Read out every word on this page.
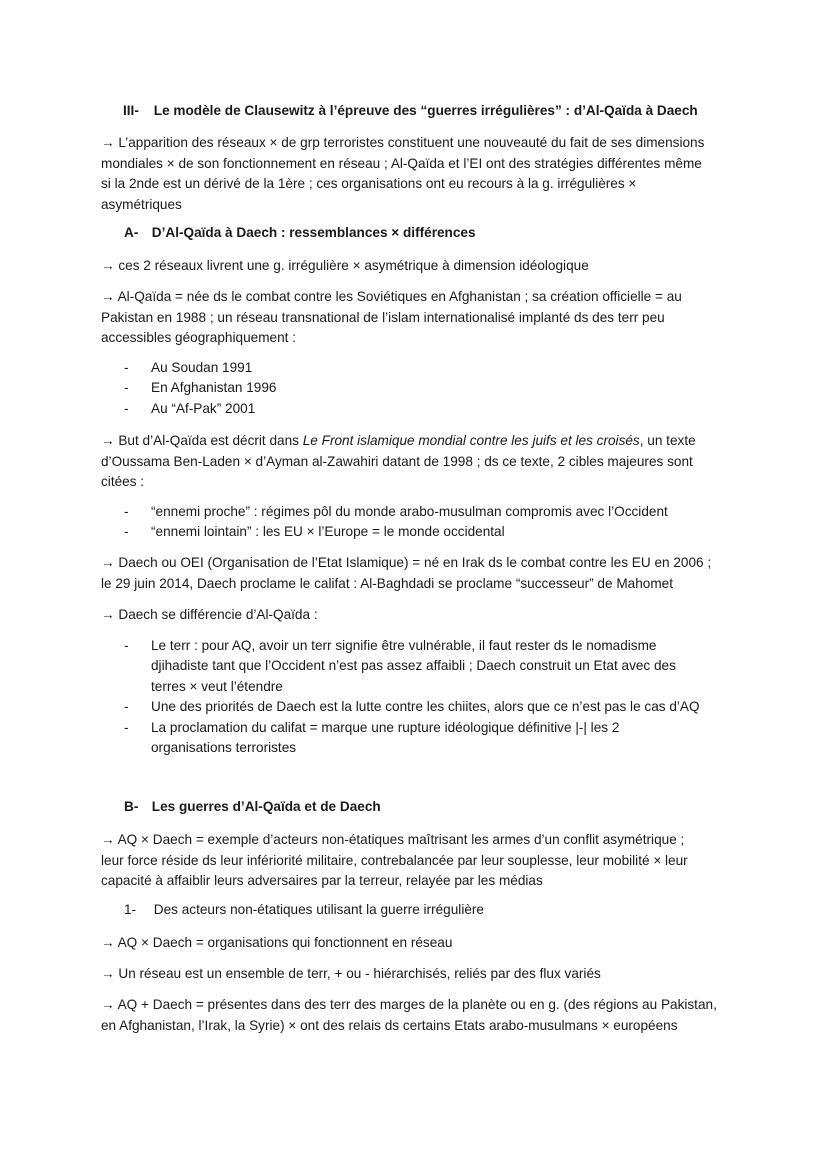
III- Le modèle de Clausewitz à l’épreuve des “guerres irrégulières” : d’Al-Qaïda à Daech

→ L’apparition des réseaux × de grp terroristes constituent une nouveauté du fait de ses dimensions
mondiales × de son fonctionnement en réseau ; Al-Qaïda et l’EI ont des stratégies différentes même
si la 2nde est un dérivé de la 1ère ; ces organisations ont eu recours à la g. irrégulières ×
asymétriques

A- D’Al-Qaïda à Daech : ressemblances × différences

→ ces 2 réseaux livrent une g. irrégulière × asymétrique à dimension idéologique

→ Al-Qaïda = née ds le combat contre les Soviétiques en Afghanistan ; sa création officielle = au
Pakistan en 1988 ; un réseau transnational de l’islam internationalisé implanté ds des terr peu
accessibles géographiquement :

- Au Soudan 1991
- En Afghanistan 1996
- Au “Af-Pak” 2001

→ But d’Al-Qaïda est décrit dans Le Front islamique mondial contre les juifs et les croisés, un texte
d’Oussama Ben-Laden × d’Ayman al-Zawahiri datant de 1998 ; ds ce texte, 2 cibles majeures sont
citées :

- “ennemi proche” : régimes pôl du monde arabo-musulman compromis avec l’Occident
- “ennemi lointain” : les EU × l’Europe = le monde occidental

→ Daech ou OEI (Organisation de l’Etat Islamique) = né en Irak ds le combat contre les EU en 2006 ;
le 29 juin 2014, Daech proclame le califat : Al-Baghdadi se proclame “successeur” de Mahomet

→ Daech se différencie d’Al-Qaïda :

- Le terr : pour AQ, avoir un terr signifie être vulnérable, il faut rester ds le nomadisme
djihadiste tant que l’Occident n’est pas assez affaibli ; Daech construit un Etat avec des
terres × veut l’étendre
- Une des priorités de Daech est la lutte contre les chiites, alors que ce n’est pas le cas d’AQ
- La proclamation du califat = marque une rupture idéologique définitive |-| les 2
organisations terroristes
B- Les guerres d’Al-Qaïda et de Daech

→ AQ × Daech = exemple d’acteurs non-étatiques maîtrisant les armes d’un conflit asymétrique ;
leur force réside ds leur infériorité militaire, contrebalancée par leur souplesse, leur mobilité × leur
capacité à affaiblir leurs adversaires par la terreur, relayée par les médias

1- Des acteurs non-étatiques utilisant la guerre irrégulière

→ AQ × Daech = organisations qui fonctionnent en réseau

→ Un réseau est un ensemble de terr, + ou - hiérarchisés, reliés par des flux variés

→ AQ + Daech = présentes dans des terr des marges de la planète ou en g. (des régions au Pakistan,
en Afghanistan, l’Irak, la Syrie) × ont des relais ds certains Etats arabo-musulmans × européens
